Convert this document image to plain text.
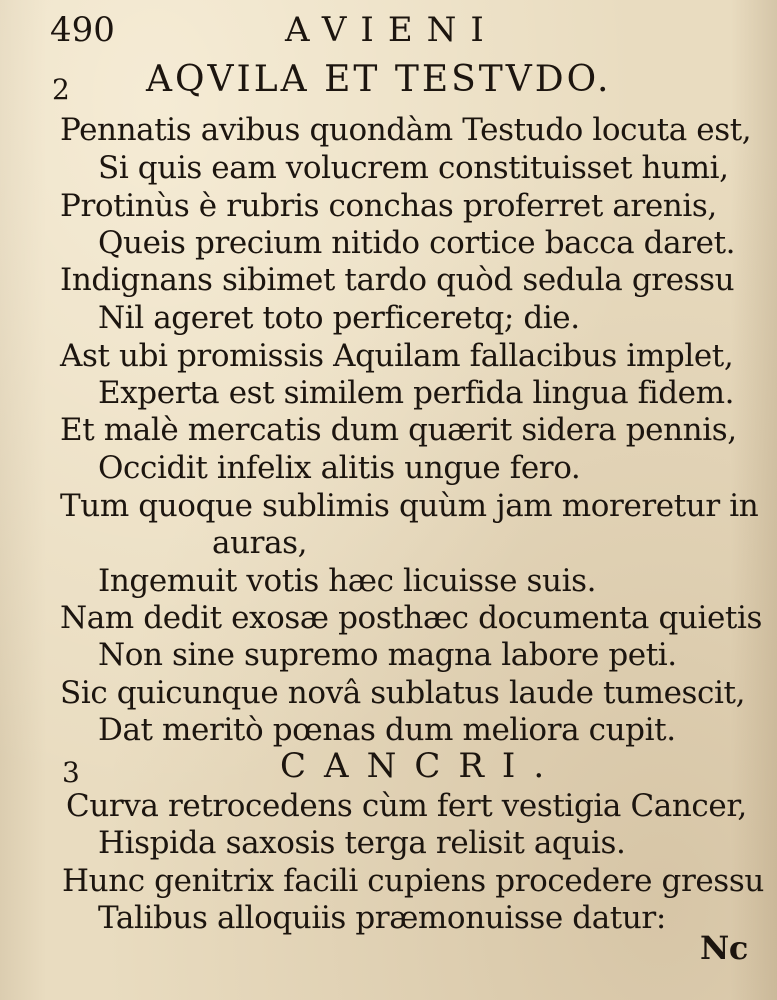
490	AVIENI
2 AQVILA ET TESTVDO.
Pennatis avibus quondàm Testudo locuta est,
Si quis eam volucrem constituisset humi,
Protinùs è rubris conchas proferret arenis,
Queis precium nitido cortice bacca daret.
Indignans sibimet tardo quòd sedula gressu
Nil ageret toto perficeretq; die.
Ast ubi promissis Aquilam fallacibus implet,
Experta est similem perfida lingua fidem.
Et malè mercatis dum quærit sidera pennis,
Occidit infelix alitis ungue fero.
Tum quoque sublimis quùm jam moreretur in
auras,
Ingemuit votis hæc licuisse suis.
Nam dedit exosæ posthæc documenta quietis
Non sine supremo magna labore peti.
Sic quicunque novâ sublatus laude tumescit,
Dat meritò pœnas dum meliora cupit.
3	CANCRI.
Curva retrocedens cùm fert vestigia Cancer,
Hispida saxosis terga relisit aquis.
Hunc genitrix facili cupiens procedere gressu
Talibus alloquiis præmonuisse datur:
Nc
